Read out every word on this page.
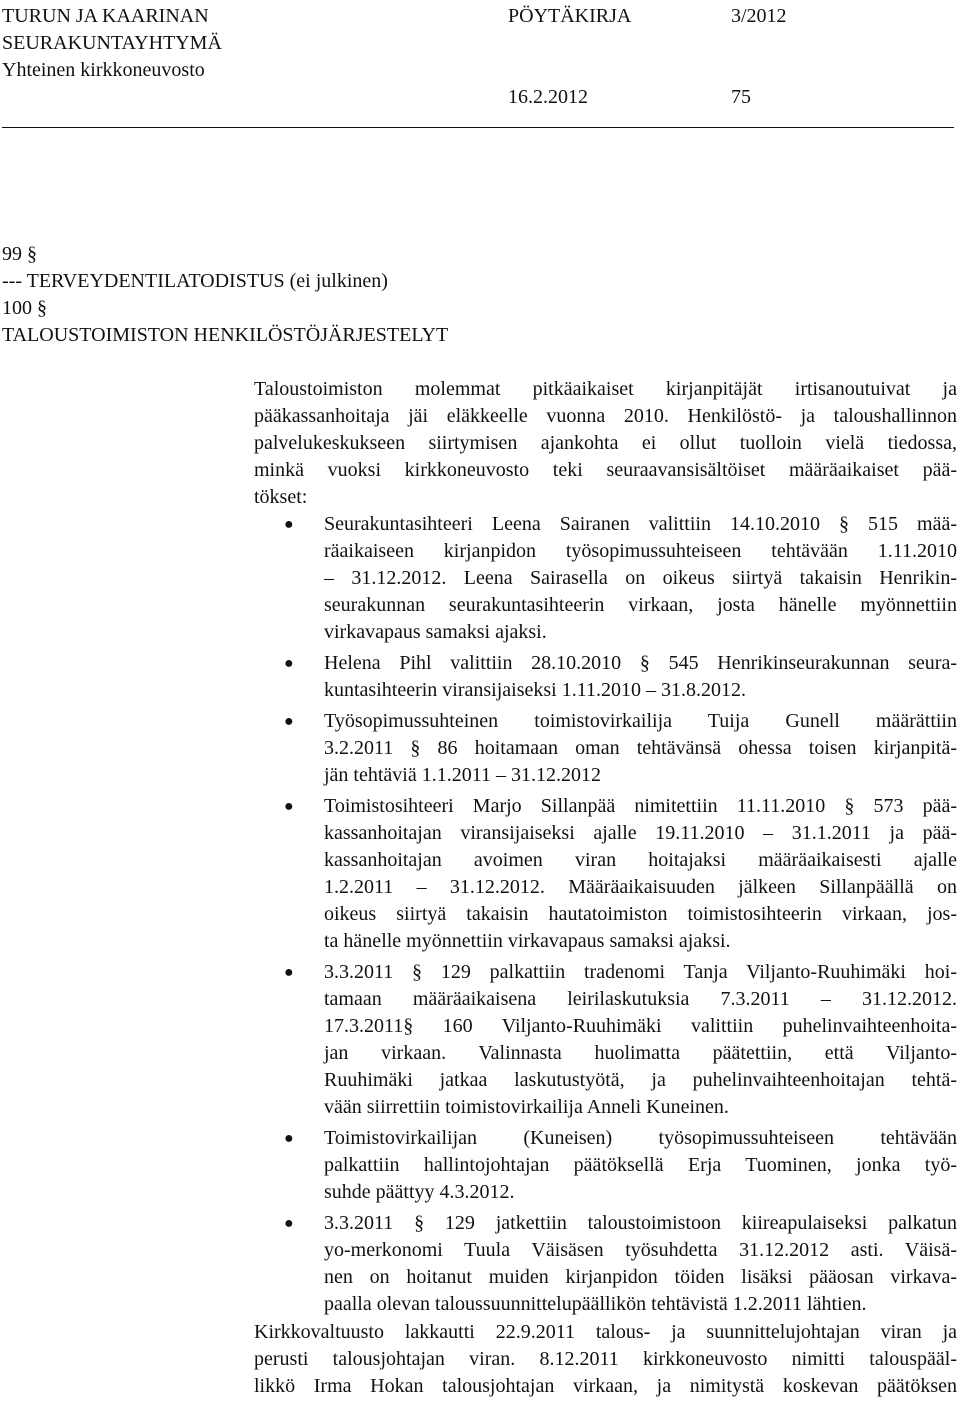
TURUN JA KAARINAN
SEURAKUNTAYHTYMÄ
Yhteinen kirkkoneuvosto
PÖYTÄKIRJA	3/2012
16.2.2012	75
99 §
--- TERVEYDENTILATODISTUS (ei julkinen)
100 §
TALOUSTOIMISTON HENKILÖSTÖJÄRJESTELYT
Taloustoimiston molemmat pitkäaikaiset kirjanpitäjät irtisanoutuivat ja
pääkassanhoitaja jäi eläkkeelle vuonna 2010. Henkilöstö- ja taloushallinnon
palvelukeskukseen siirtymisen ajankohta ei ollut tuolloin vielä tiedossa,
minkä vuoksi kirkkoneuvosto teki seuraavansisältöiset määräaikaiset pää-
tökset:
● Seurakuntasihteeri Leena Sairanen valittiin 14.10.2010 § 515 mää-
räaikaiseen kirjanpidon työsopimussuhteiseen tehtävään 1.11.2010
– 31.12.2012. Leena Sairasella on oikeus siirtyä takaisin Henrikin-
seurakunnan seurakuntasihteerin virkaan, josta hänelle myönnettiin
virkavapaus samaksi ajaksi.
● Helena Pihl valittiin 28.10.2010 § 545 Henrikinseurakunnan seura-
kuntasihteerin viransijaiseksi 1.11.2010 – 31.8.2012.
● Työsopimussuhteinen toimistovirkailija Tuija Gunell määrättiin
3.2.2011 § 86 hoitamaan oman tehtävänsä ohessa toisen kirjanpitä-
jän tehtäviä 1.1.2011 – 31.12.2012
● Toimistosihteeri Marjo Sillanpää nimitettiin 11.11.2010 § 573 pää-
kassanhoitajan viransijaiseksi ajalle 19.11.2010 – 31.1.2011 ja pää-
kassanhoitajan avoimen viran hoitajaksi määräaikaisesti ajalle
1.2.2011 – 31.12.2012. Määräaikaisuuden jälkeen Sillanpäällä on
oikeus siirtyä takaisin hautatoimiston toimistosihteerin virkaan, jos-
ta hänelle myönnettiin virkavapaus samaksi ajaksi.
● 3.3.2011 § 129 palkattiin tradenomi Tanja Viljanto-Ruuhimäki hoi-
tamaan määräaikaisena leirilaskutuksia 7.3.2011 – 31.12.2012.
17.3.2011§ 160 Viljanto-Ruuhimäki valittiin puhelinvaihteenhoita-
jan virkaan. Valinnasta huolimatta päätettiin, että Viljanto-
Ruuhimäki jatkaa laskutustyötä, ja puhelinvaihteenhoitajan tehtä-
vään siirrettiin toimistovirkailija Anneli Kuneinen.
● Toimistovirkailijan (Kuneisen) työsopimussuhteiseen tehtävään
palkattiin hallintojohtajan päätöksellä Erja Tuominen, jonka työ-
suhde päättyy 4.3.2012.
● 3.3.2011 § 129 jatkettiin taloustoimistoon kiireapulaiseksi palkatun
yo-merkonomi Tuula Väisäsen työsuhdetta 31.12.2012 asti. Väisä-
nen on hoitanut muiden kirjanpidon töiden lisäksi pääosan virkava-
paalla olevan taloussuunnittelupäällikön tehtävistä 1.2.2011 lähtien.
Kirkkovaltuusto lakkautti 22.9.2011 talous- ja suunnittelujohtajan viran ja
perusti talousjohtajan viran. 8.12.2011 kirkkoneuvosto nimitti talouspääl-
likkö Irma Hokan talousjohtajan virkaan, ja nimitystä koskevan päätöksen
